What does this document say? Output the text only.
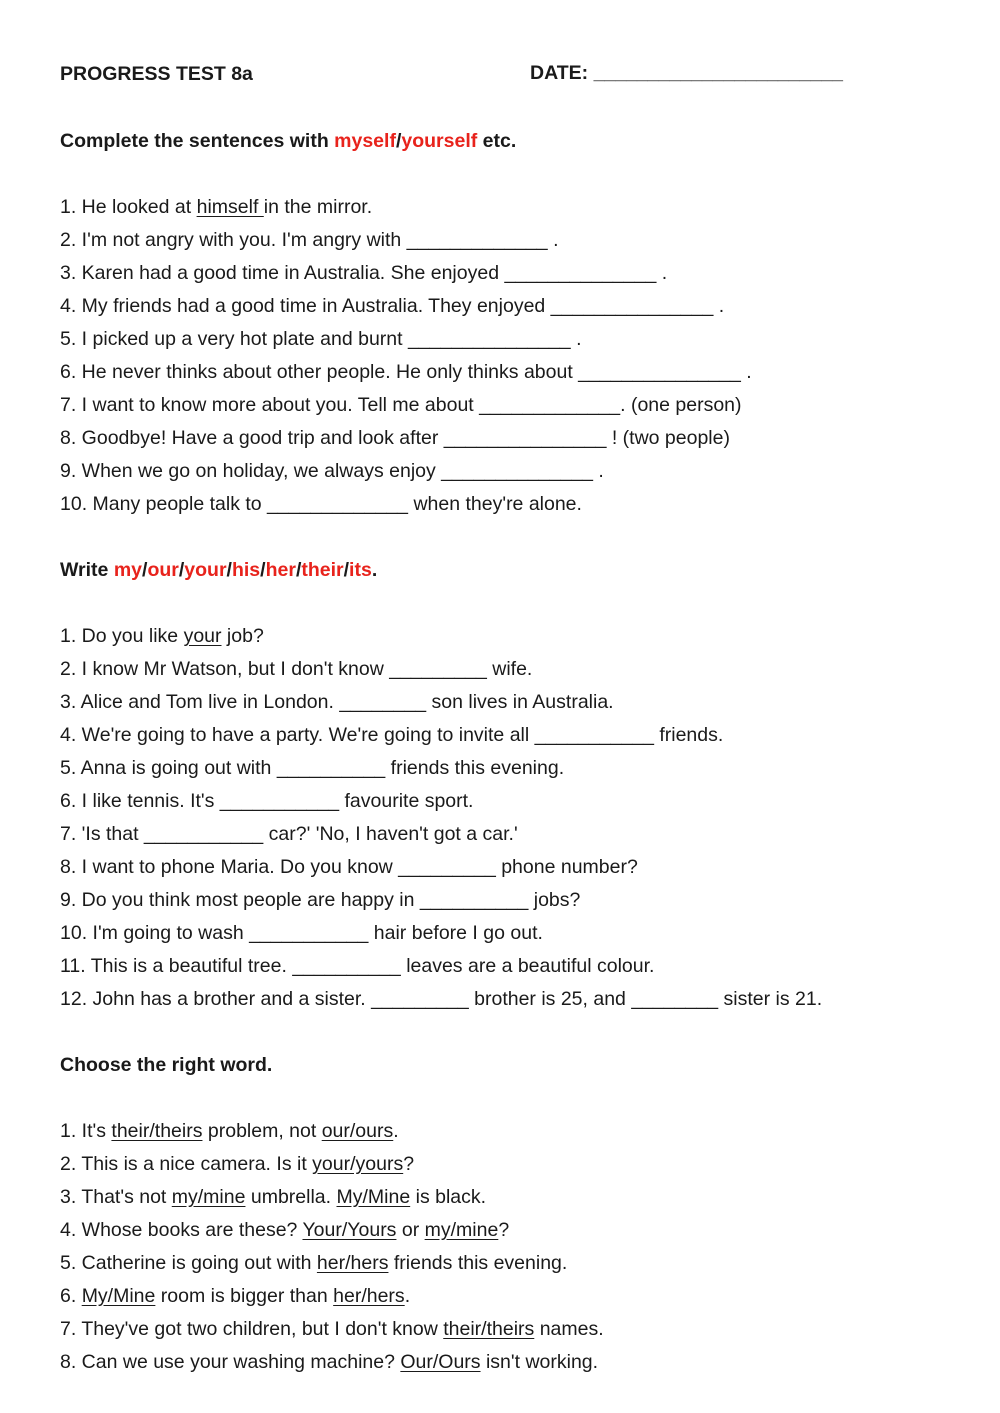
PROGRESS TEST 8a	DATE: _______________________
Complete the sentences with myself/yourself etc.
1. He looked at himself in the mirror.
2. I'm not angry with you. I'm angry with _____________ .
3. Karen had a good time in Australia. She enjoyed ______________ .
4. My friends had a good time in Australia. They enjoyed _______________ .
5. I picked up a very hot plate and burnt _______________ .
6. He never thinks about other people. He only thinks about _______________ .
7. I want to know more about you. Tell me about _____________. (one person)
8. Goodbye! Have a good trip and look after _______________ ! (two people)
9. When we go on holiday, we always enjoy ______________ .
10. Many people talk to _____________ when they're alone.
Write my/our/your/his/her/their/its.
1. Do you like your job?
2. I know Mr Watson, but I don't know _________ wife.
3. Alice and Tom live in London. ________ son lives in Australia.
4. We're going to have a party. We're going to invite all ___________ friends.
5. Anna is going out with __________ friends this evening.
6. I like tennis. It's ___________ favourite sport.
7. 'Is that ___________ car?' 'No, I haven't got a car.'
8. I want to phone Maria. Do you know _________ phone number?
9. Do you think most people are happy in __________ jobs?
10. I'm going to wash ___________ hair before I go out.
11. This is a beautiful tree. __________ leaves are a beautiful colour.
12. John has a brother and a sister. _________ brother is 25, and ________ sister is 21.
Choose the right word.
1. It's their/theirs problem, not our/ours.
2. This is a nice camera. Is it your/yours?
3. That's not my/mine umbrella. My/Mine is black.
4. Whose books are these? Your/Yours or my/mine?
5. Catherine is going out with her/hers friends this evening.
6. My/Mine room is bigger than her/hers.
7. They've got two children, but I don't know their/theirs names.
8. Can we use your washing machine? Our/Ours isn't working.
